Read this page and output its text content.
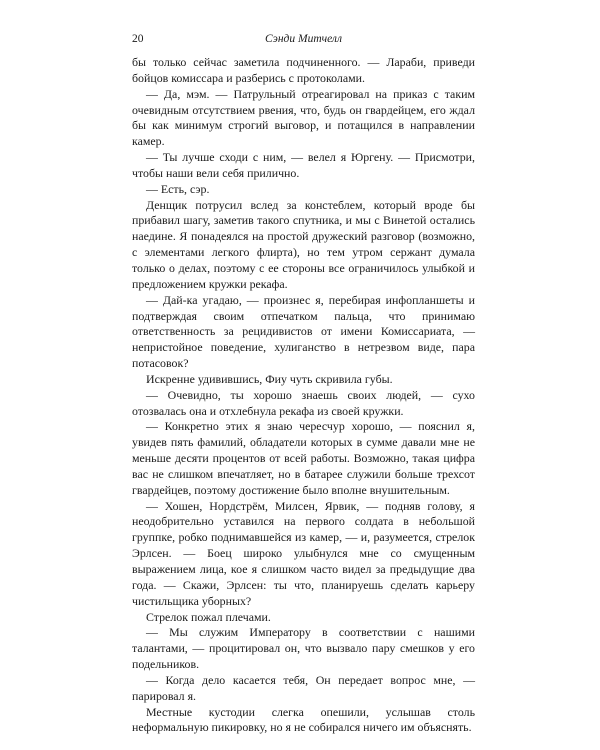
20	Сэнди Митчелл

бы только сейчас заметила подчиненного. — Лараби, приведи бойцов комиссара и разберись с протоколами.

— Да, мэм. — Патрульный отреагировал на приказ с таким очевидным отсутствием рвения, что, будь он гвардейцем, его ждал бы как минимум строгий выговор, и потащился в направлении камер.

— Ты лучше сходи с ним, — велел я Юргену. — Присмотри, чтобы наши вели себя прилично.

— Есть, сэр.

Денщик потрусил вслед за констеблем, который вроде бы прибавил шагу, заметив такого спутника, и мы с Винетой остались наедине. Я понадеялся на простой дружеский разговор (возможно, с элементами легкого флирта), но тем утром сержант думала только о делах, поэтому с ее стороны все ограничилось улыбкой и предложением кружки рекафа.

— Дай-ка угадаю, — произнес я, перебирая инфопланшеты и подтверждая своим отпечатком пальца, что принимаю ответственность за рецидивистов от имени Комиссариата, — непристойное поведение, хулиганство в нетрезвом виде, пара потасовок?

Искренне удивившись, Фиу чуть скривила губы.

— Очевидно, ты хорошо знаешь своих людей, — сухо отозвалась она и отхлебнула рекафа из своей кружки.

— Конкретно этих я знаю чересчур хорошо, — пояснил я, увидев пять фамилий, обладатели которых в сумме давали мне не меньше десяти процентов от всей работы. Возможно, такая цифра вас не слишком впечатляет, но в батарее служили больше трехсот гвардейцев, поэтому достижение было вполне внушительным.

— Хошен, Нордстрём, Милсен, Ярвик, — подняв голову, я неодобрительно уставился на первого солдата в небольшой группке, робко поднимавшейся из камер, — и, разумеется, стрелок Эрлсен. — Боец широко улыбнулся мне со смущенным выражением лица, кое я слишком часто видел за предыдущие два года. — Скажи, Эрлсен: ты что, планируешь сделать карьеру чистильщика уборных?

Стрелок пожал плечами.

— Мы служим Императору в соответствии с нашими талантами, — процитировал он, что вызвало пару смешков у его подельников.

— Когда дело касается тебя, Он передает вопрос мне, — парировал я.

Местные кустодии слегка опешили, услышав столь неформальную пикировку, но я не собирался ничего им объяснять.
